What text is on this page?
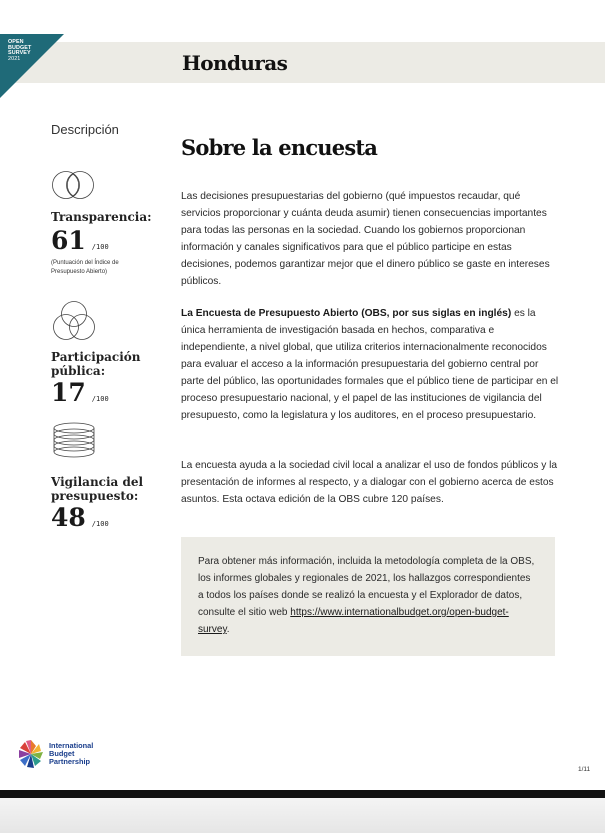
OPEN
BUDGET
SURVEY
2021	Honduras
Descripción
Transparencia:
61 /100
(Puntuación del Índice de
Presupuesto Abierto)
Participación
pública:
17 /100
Vigilancia del
presupuesto:
48 /100
Sobre la encuesta
Las decisiones presupuestarias del gobierno (qué impuestos recaudar, qué servicios proporcionar y cuánta deuda asumir) tienen consecuencias importantes para todas las personas en la sociedad. Cuando los gobiernos proporcionan información y canales significativos para que el público participe en estas decisiones, podemos garantizar mejor que el dinero público se gaste en intereses públicos.
La Encuesta de Presupuesto Abierto (OBS, por sus siglas en inglés) es la única herramienta de investigación basada en hechos, comparativa e independiente, a nivel global, que utiliza criterios internacionalmente reconocidos para evaluar el acceso a la información presupuestaria del gobierno central por parte del público, las oportunidades formales que el público tiene de participar en el proceso presupuestario nacional, y el papel de las instituciones de vigilancia del presupuesto, como la legislatura y los auditores, en el proceso presupuestario.
La encuesta ayuda a la sociedad civil local a analizar el uso de fondos públicos y la presentación de informes al respecto, y a dialogar con el gobierno acerca de estos asuntos. Esta octava edición de la OBS cubre 120 países.
Para obtener más información, incluida la metodología completa de la OBS, los informes globales y regionales de 2021, los hallazgos correspondientes a todos los países donde se realizó la encuesta y el Explorador de datos, consulte el sitio web https://www.internationalbudget.org/open-budget-survey.
International
Budget
Partnership
1/11
